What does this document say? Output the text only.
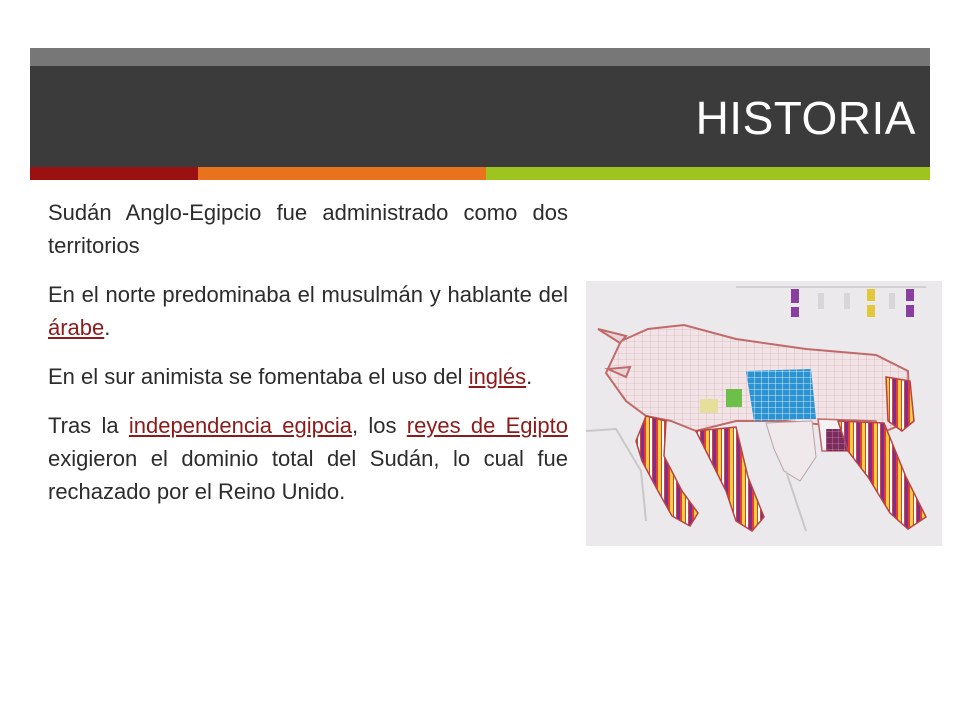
HISTORIA

Sudán Anglo-Egipcio fue administrado como dos territorios

En el norte predominaba el musulmán y hablante del árabe.

En el sur animista se fomentaba el uso del inglés.

Tras la independencia egipcia, los reyes de Egipto exigieron el dominio total del Sudán, lo cual fue rechazado por el Reino Unido.
